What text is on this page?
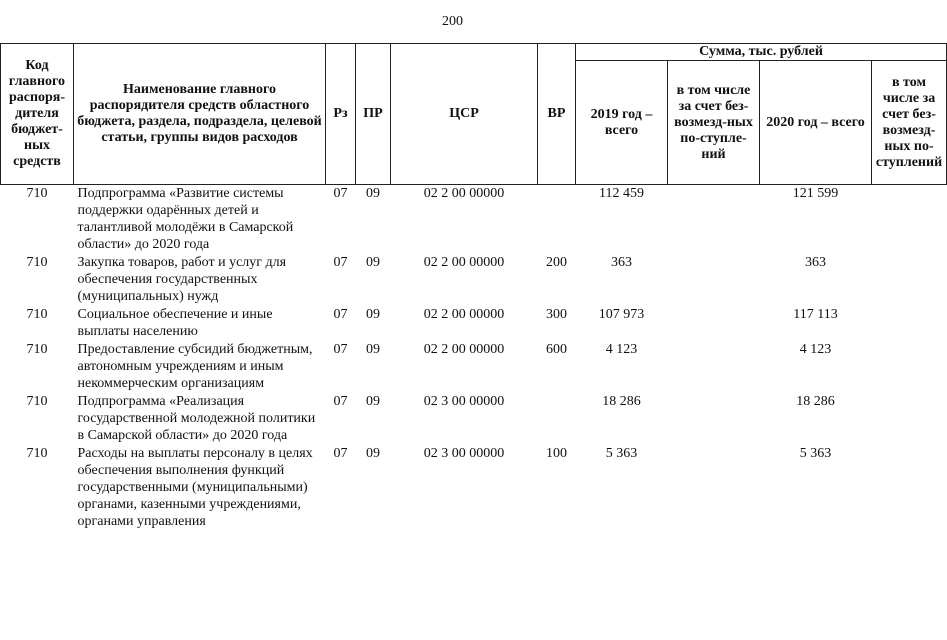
200
Код главного распоря-дителя бюджет-ных средств	Наименование главного распорядителя средств областного бюджета, раздела, подраздела, целевой статьи, группы видов расходов	Рз	ПР	ЦСР	ВР	Сумма, тыс. рублей			
						2019 год – всего	в том числе за счет без-возмезд-ных по-ступле-ний	2020 год – всего	в том числе за счет без-возмезд-ных по-ступлений
710	Подпрограмма «Развитие системы поддержки одарённых детей и талантливой молодёжи в Самарской области» до 2020 года	07	09	02 2 00 00000		112 459		121 599	
710	Закупка товаров, работ и услуг для обеспечения государственных (муниципальных) нужд	07	09	02 2 00 00000	200	363		363	
710	Социальное обеспечение и иные выплаты населению	07	09	02 2 00 00000	300	107 973		117 113	
710	Предоставление субсидий бюджетным, автономным учреждениям и иным некоммерческим организациям	07	09	02 2 00 00000	600	4 123		4 123	
710	Подпрограмма «Реализация государственной молодежной политики в Самарской области» до 2020 года	07	09	02 3 00 00000		18 286		18 286	
710	Расходы на выплаты персоналу в целях обеспечения выполнения функций государственными (муниципальными) органами, казенными учреждениями, органами управления	07	09	02 3 00 00000	100	5 363		5 363	
